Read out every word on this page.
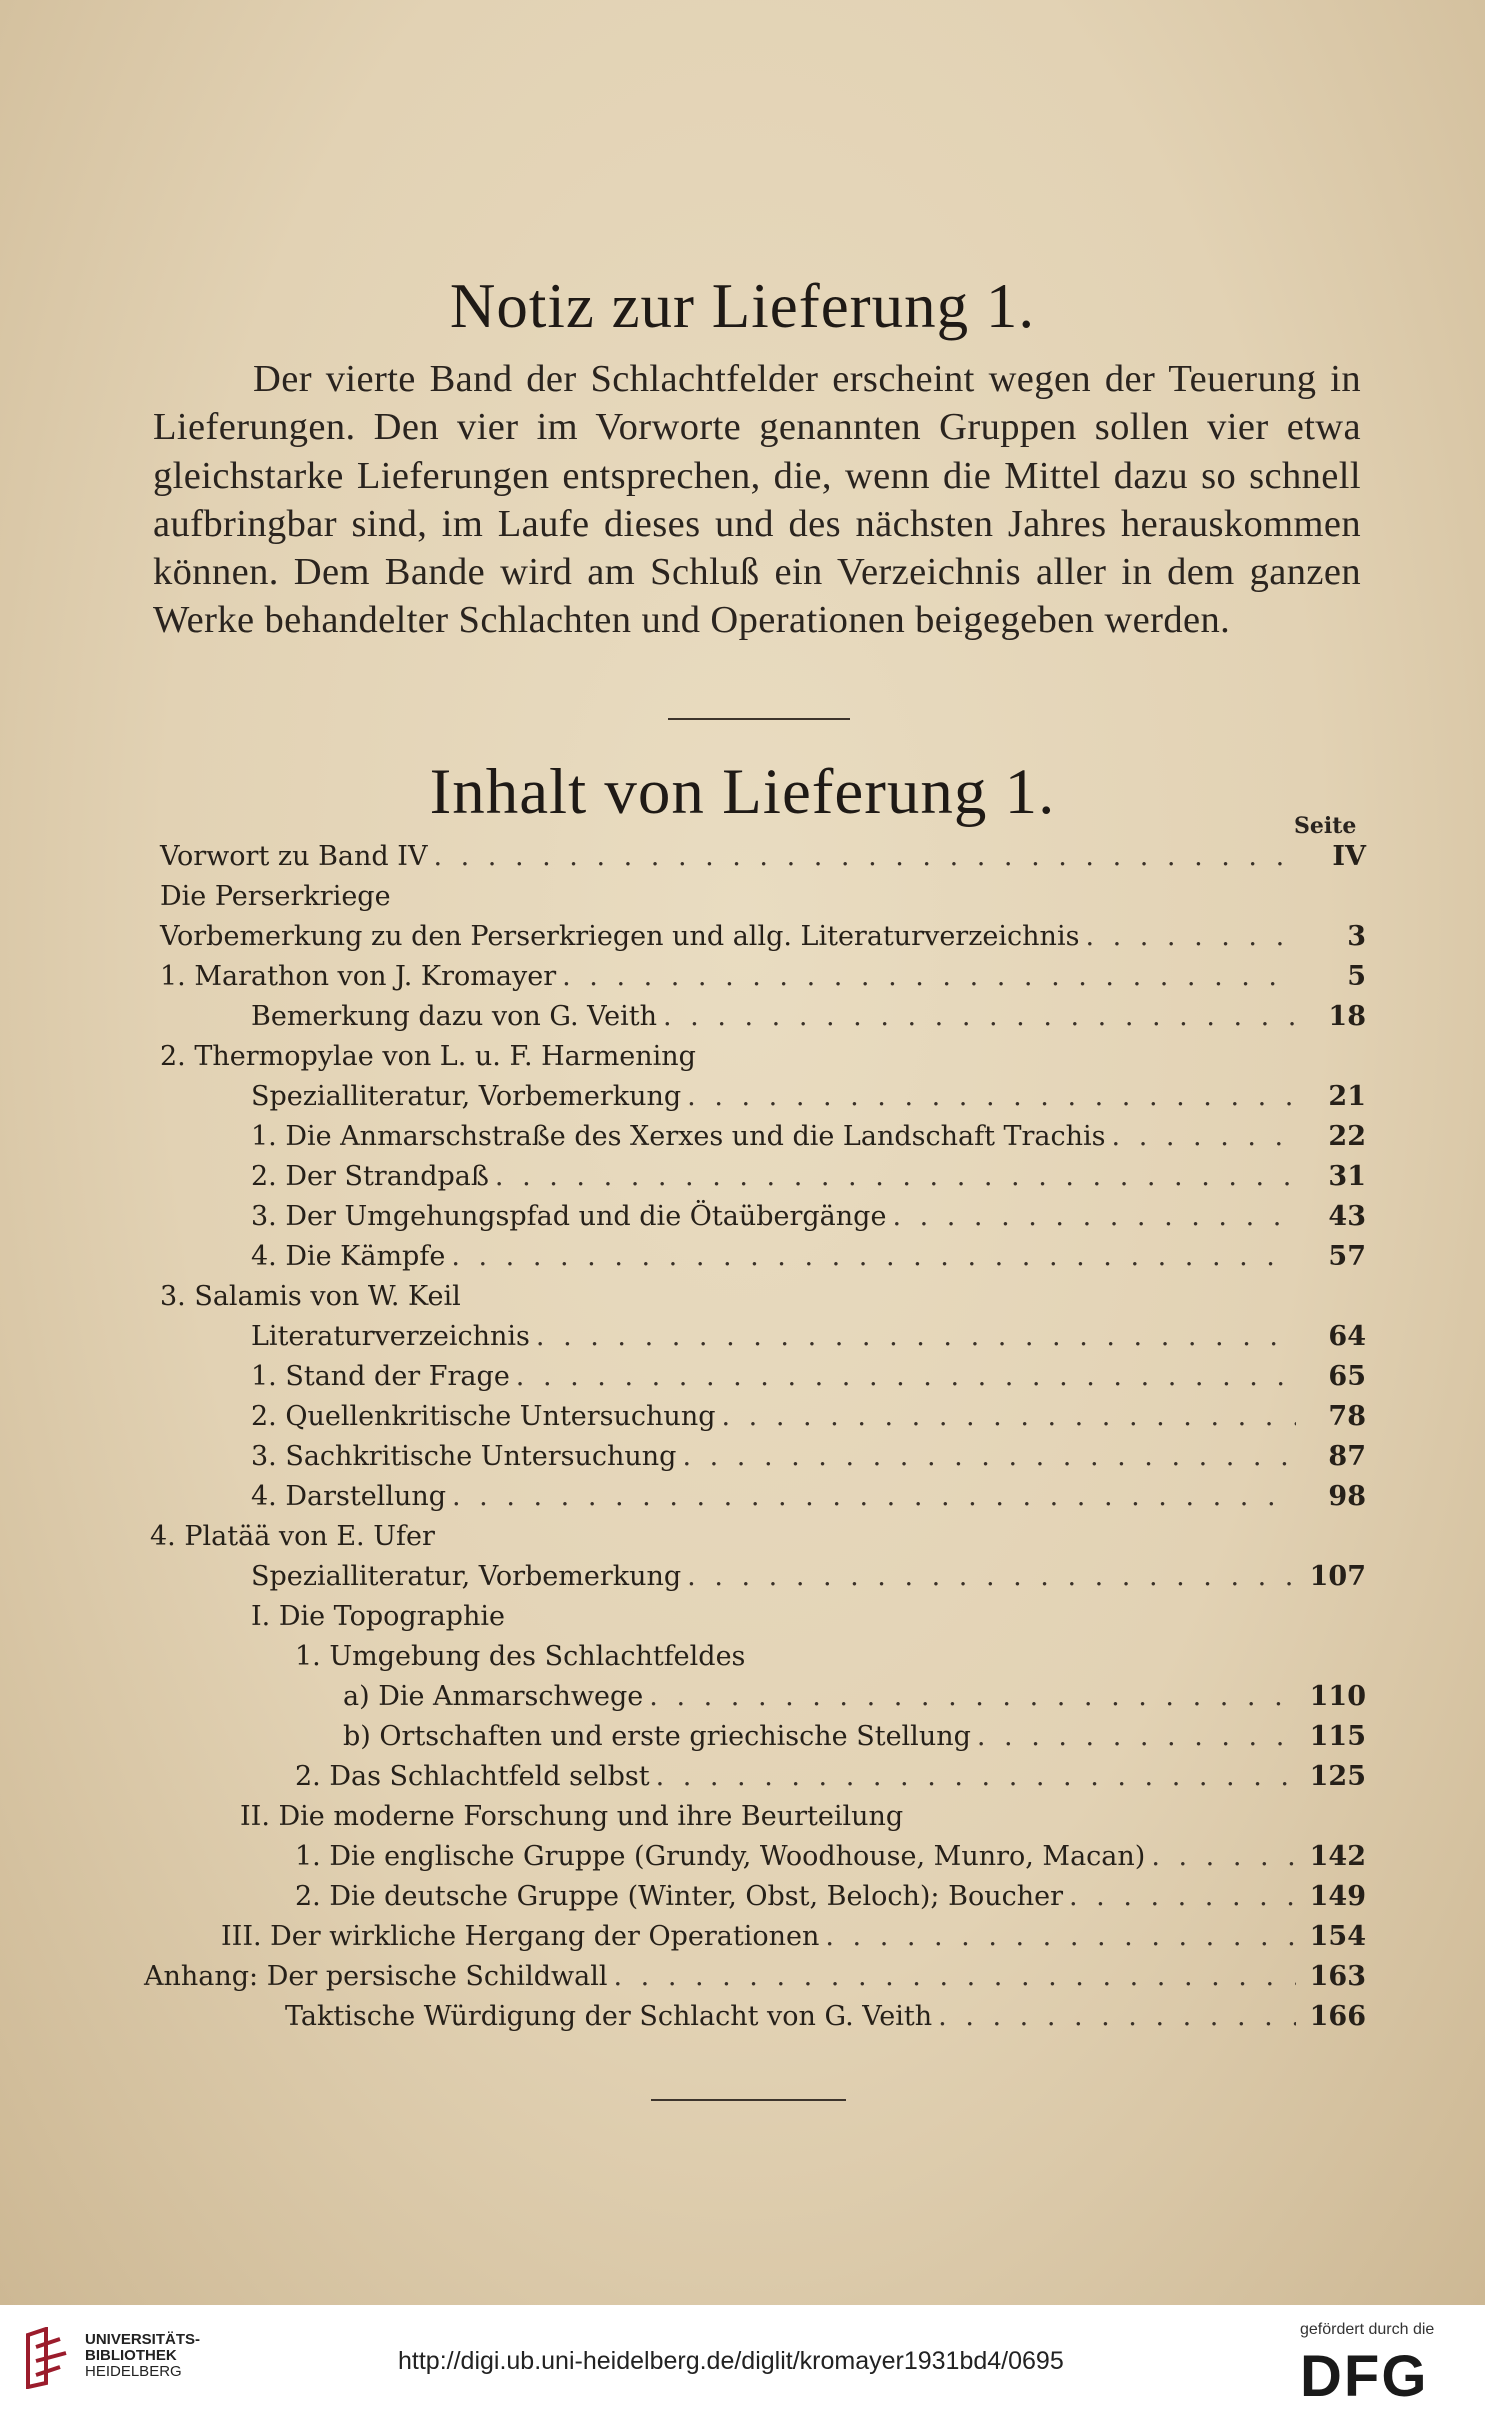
Notiz zur Lieferung 1.

Der vierte Band der Schlachtfelder erscheint wegen der Teuerung in Lieferungen. Den vier im Vorworte genannten Gruppen sollen vier etwa gleichstarke Lieferungen entsprechen, die, wenn die Mittel dazu so schnell aufbringbar sind, im Laufe dieses und des nächsten Jahres herauskommen können. Dem Bande wird am Schluß ein Verzeichnis aller in dem ganzen Werke behandelter Schlachten und Operationen beigegeben werden.

Inhalt von Lieferung 1.	Seite
Vorwort zu Band IV . . .	IV
Die Perserkriege
Vorbemerkung zu den Perserkriegen und allg. Literaturverzeichnis . . .	3
1. Marathon von J. Kromayer . . .	5
Bemerkung dazu von G. Veith . . .	18
2. Thermopylae von L. u. F. Harmening
Spezialliteratur, Vorbemerkung . . .	21
1. Die Anmarschstraße des Xerxes und die Landschaft Trachis . . .	22
2. Der Strandpaß . . .	31
3. Der Umgehungspfad und die Ötaübergänge . . .	43
4. Die Kämpfe . . .	57
3. Salamis von W. Keil
Literaturverzeichnis . . .	64
1. Stand der Frage . . .	65
2. Quellenkritische Untersuchung . . .	78
3. Sachkritische Untersuchung . . .	87
4. Darstellung . . .	98
4. Platää von E. Ufer
Spezialliteratur, Vorbemerkung . . .	107
I. Die Topographie
1. Umgebung des Schlachtfeldes
a) Die Anmarschwege . . .	110
b) Ortschaften und erste griechische Stellung . . .	115
2. Das Schlachtfeld selbst . . .	125
II. Die moderne Forschung und ihre Beurteilung
1. Die englische Gruppe (Grundy, Woodhouse, Munro, Macan) . . .	142
2. Die deutsche Gruppe (Winter, Obst, Beloch); Boucher . . .	149
III. Der wirkliche Hergang der Operationen . . .	154
Anhang: Der persische Schildwall . . .	163
Taktische Würdigung der Schlacht von G. Veith . . .	166
UNIVERSITÄTS-
BIBLIOTHEK
HEIDELBERG	http://digi.ub.uni-heidelberg.de/diglit/kromayer1931bd4/0695
gefördert durch die
DFG
